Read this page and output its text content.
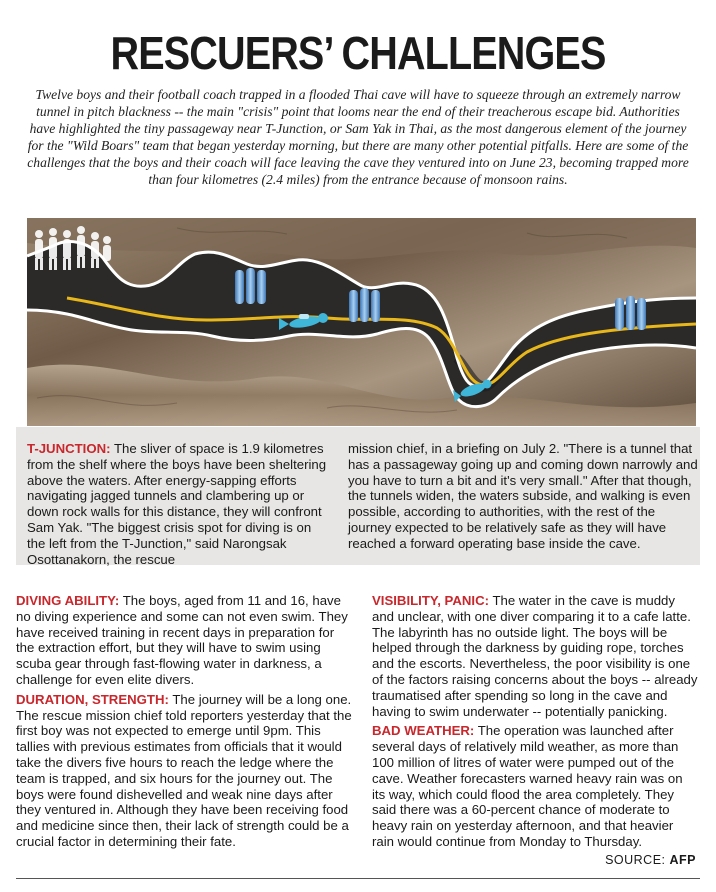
RESCUERS’ CHALLENGES

Twelve boys and their football coach trapped in a flooded Thai cave will have to squeeze through an extremely narrow tunnel in pitch blackness -- the main "crisis" point that looms near the end of their treacherous escape bid. Authorities have highlighted the tiny passageway near T-Junction, or Sam Yak in Thai, as the most dangerous element of the journey for the "Wild Boars" team that began yesterday morning, but there are many other potential pitfalls. Here are some of the challenges that the boys and their coach will face leaving the cave they ventured into on June 23, becoming trapped more than four kilometres (2.4 miles) from the entrance because of monsoon rains.

T-JUNCTION: The sliver of space is 1.9 kilometres from the shelf where the boys have been sheltering above the waters. After energy-sapping efforts navigating jagged tunnels and clambering up or down rock walls for this distance, they will confront Sam Yak. "The biggest crisis spot for diving is on the left from the T-Junction," said Narongsak Osottanakorn, the rescue

mission chief, in a briefing on July 2. "There is a tunnel that has a passageway going up and coming down narrowly and you have to turn a bit and it's very small." After that though, the tunnels widen, the waters subside, and walking is even possible, according to authorities, with the rest of the journey expected to be relatively safe as they will have reached a forward operating base inside the cave.

DIVING ABILITY: The boys, aged from 11 and 16, have no diving experience and some can not even swim. They have received training in recent days in preparation for the extraction effort, but they will have to swim using scuba gear through fast-flowing water in darkness, a challenge for even elite divers.

DURATION, STRENGTH: The journey will be a long one. The rescue mission chief told reporters yesterday that the first boy was not expected to emerge until 9pm. This tallies with previous estimates from officials that it would take the divers five hours to reach the ledge where the team is trapped, and six hours for the journey out. The boys were found dishevelled and weak nine days after they ventured in. Although they have been receiving food and medicine since then, their lack of strength could be a crucial factor in determining their fate.

VISIBILITY, PANIC: The water in the cave is muddy and unclear, with one diver comparing it to a cafe latte. The labyrinth has no outside light. The boys will be helped through the darkness by guiding rope, torches and the escorts. Nevertheless, the poor visibility is one of the factors raising concerns about the boys -- already traumatised after spending so long in the cave and having to swim underwater -- potentially panicking.

BAD WEATHER: The operation was launched after several days of relatively mild weather, as more than 100 million of litres of water were pumped out of the cave. Weather forecasters warned heavy rain was on its way, which could flood the area completely. They said there was a 60-percent chance of moderate to heavy rain on yesterday afternoon, and that heavier rain would continue from Monday to Thursday.

SOURCE: AFP
